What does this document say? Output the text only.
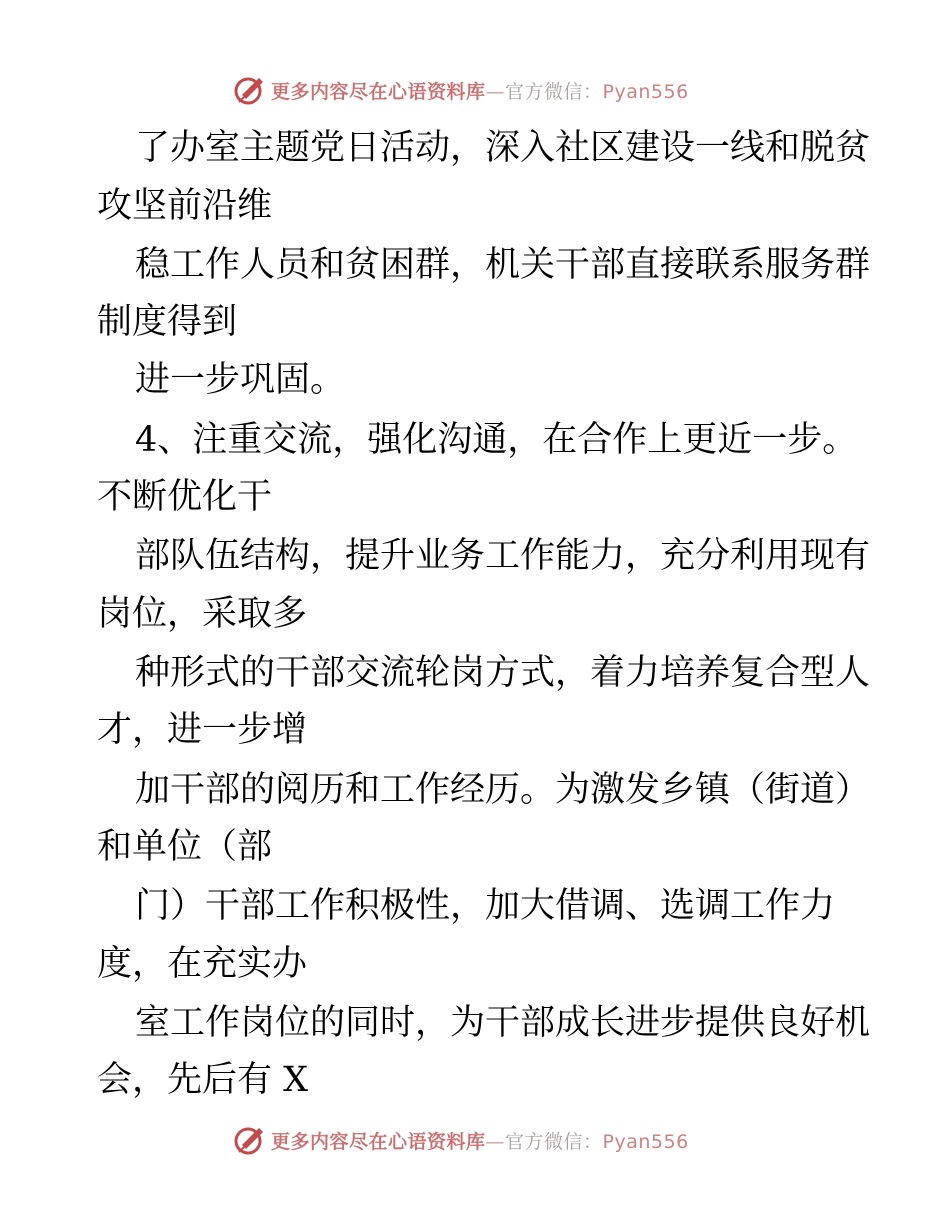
更多内容尽在心语资料库—官方微信：Pyan556
了办室主题党日活动，深入社区建设一线和脱贫
攻坚前沿维
稳工作人员和贫困群，机关干部直接联系服务群
制度得到
进一步巩固。
4、注重交流，强化沟通，在合作上更近一步。
不断优化干
部队伍结构，提升业务工作能力，充分利用现有
岗位，采取多
种形式的干部交流轮岗方式，着力培养复合型人
才，进一步增
加干部的阅历和工作经历。为激发乡镇（街道）
和单位（部
门）干部工作积极性，加大借调、选调工作力
度，在充实办
室工作岗位的同时，为干部成长进步提供良好机
会，先后有 X
更多内容尽在心语资料库—官方微信：Pyan556
